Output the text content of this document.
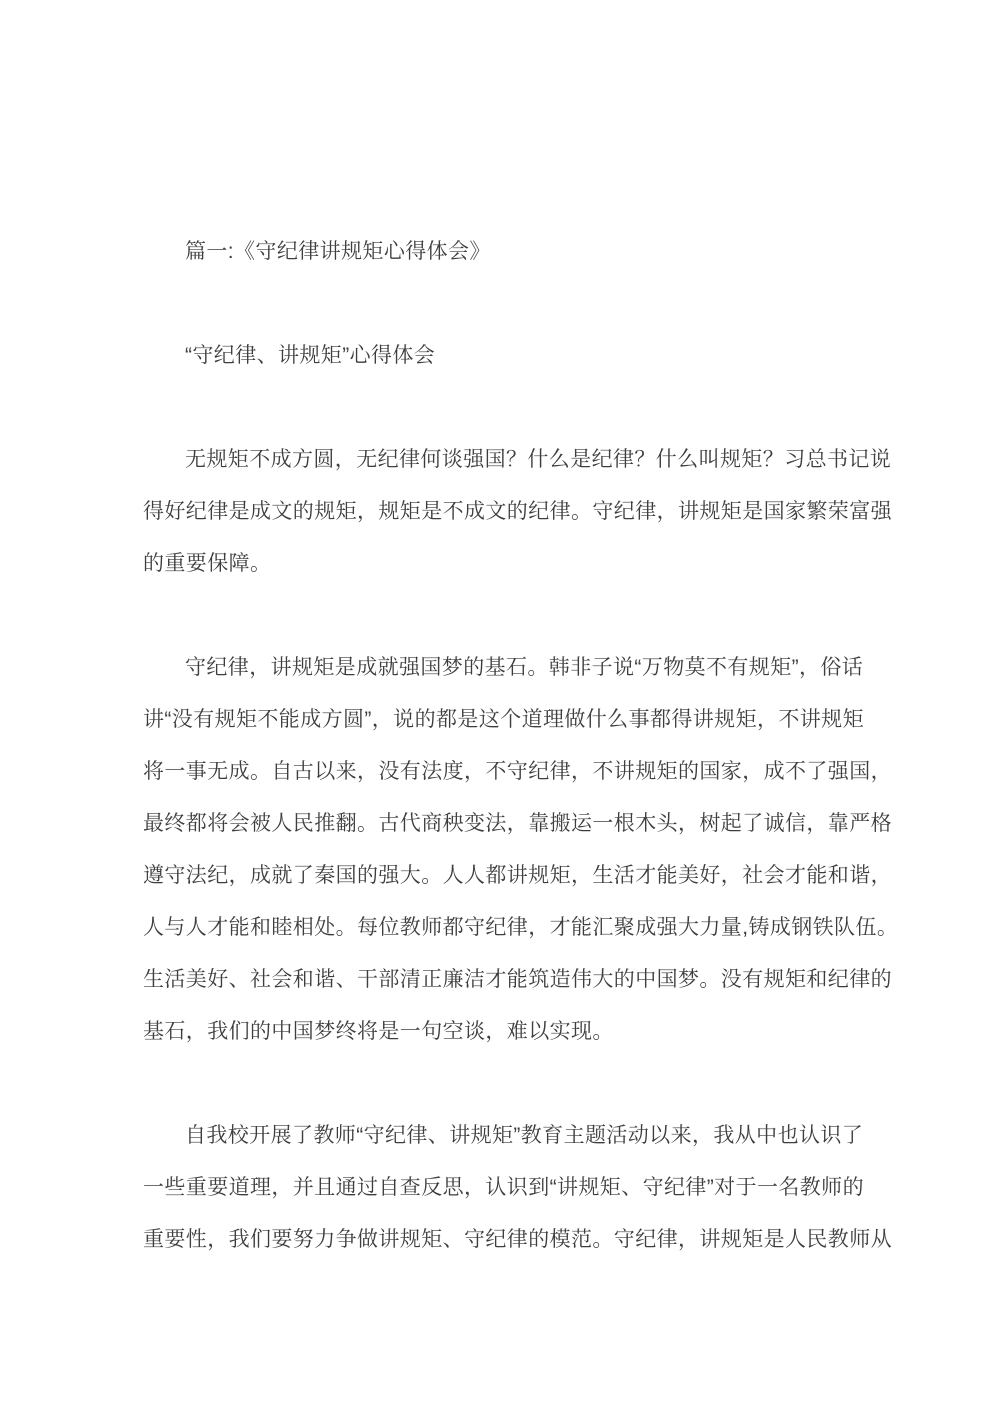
篇一:《守纪律讲规矩心得体会》
“守纪律、讲规矩”心得体会
无规矩不成方圆，无纪律何谈强国？什么是纪律？什么叫规矩？习总书记说
得好纪律是成文的规矩，规矩是不成文的纪律。守纪律，讲规矩是国家繁荣富强
的重要保障。
守纪律，讲规矩是成就强国梦的基石。韩非子说“万物莫不有规矩”，俗话
讲“没有规矩不能成方圆”，说的都是这个道理做什么事都得讲规矩，不讲规矩
将一事无成。自古以来，没有法度，不守纪律，不讲规矩的国家，成不了强国，
最终都将会被人民推翻。古代商秧变法，靠搬运一根木头，树起了诚信，靠严格
遵守法纪，成就了秦国的强大。人人都讲规矩，生活才能美好，社会才能和谐，
人与人才能和睦相处。每位教师都守纪律，才能汇聚成强大力量,铸成钢铁队伍。
生活美好、社会和谐、干部清正廉洁才能筑造伟大的中国梦。没有规矩和纪律的
基石，我们的中国梦终将是一句空谈，难以实现。
自我校开展了教师“守纪律、讲规矩”教育主题活动以来，我从中也认识了
一些重要道理，并且通过自查反思，认识到“讲规矩、守纪律”对于一名教师的
重要性，我们要努力争做讲规矩、守纪律的模范。守纪律，讲规矩是人民教师从
